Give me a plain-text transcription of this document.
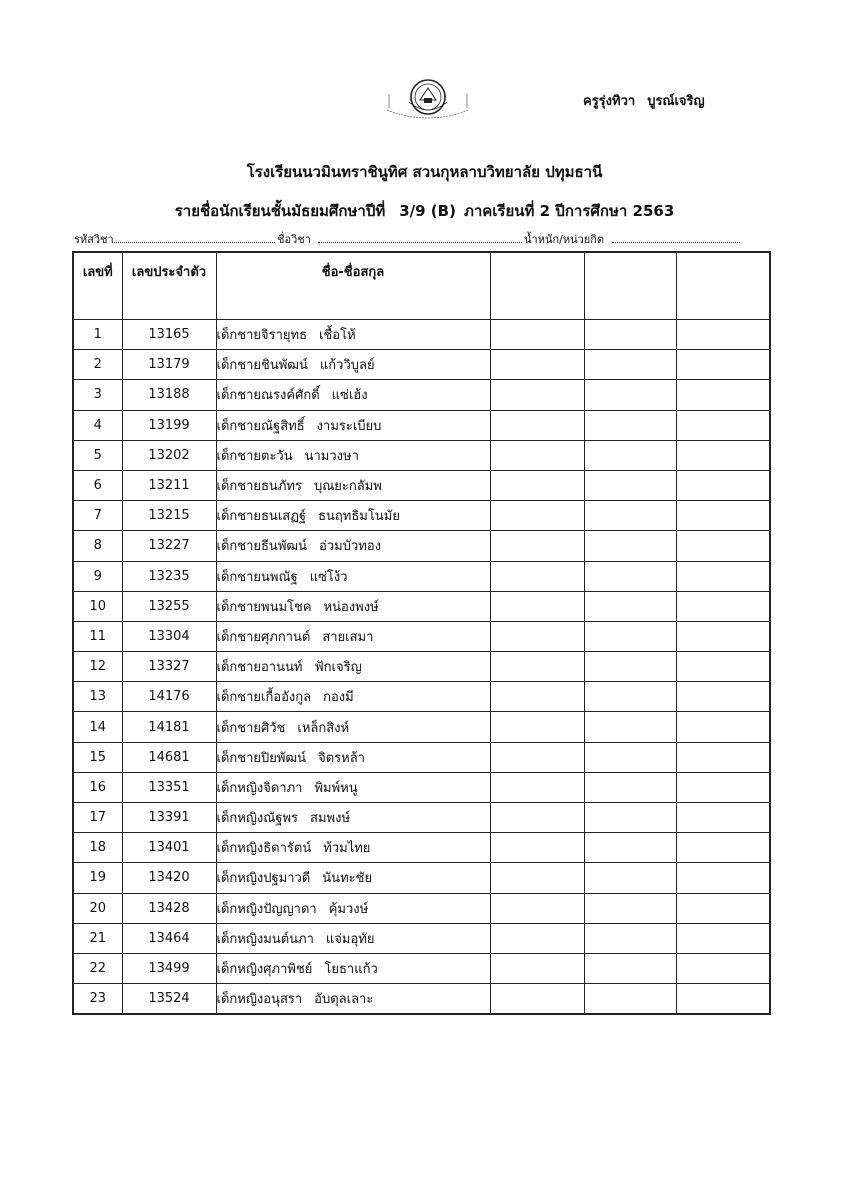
ครูรุ่งทิวา บูรณ์เจริญ
โรงเรียนนวมินทราชินูทิศ สวนกุหลาบวิทยาลัย ปทุมธานี
รายชื่อนักเรียนชั้นมัธยมศึกษาปีที่ 3/9 (B) ภาคเรียนที่ 2 ปีการศึกษา 2563
รหัสวิชา	ชื่อวิชา	น้ำหนัก/หน่วยกิต
เลขที่	เลขประจำตัว	ชื่อ-ชื่อสกุล			
1	13165	เด็กชายจิรายุทธ เชื้อโห้			
2	13179	เด็กชายชินพัฒน์ แก้ววิบูลย์			
3	13188	เด็กชายณรงค์ศักดิ์ แซ่เฮ้ง			
4	13199	เด็กชายณัฐสิทธิ์ งามระเบียบ			
5	13202	เด็กชายตะวัน นามวงษา			
6	13211	เด็กชายธนภัทร บุณยะกลัมพ			
7	13215	เด็กชายธนเสฏฐ์ ธนฤทธิมโนมัย			
8	13227	เด็กชายธีนพัฒน์ อ่วมบัวทอง			
9	13235	เด็กชายนพณัฐ แซ่โง้ว			
10	13255	เด็กชายพนมโชค หน่องพงษ์			
11	13304	เด็กชายศุภกานต์ สายเสมา			
12	13327	เด็กชายอานนท์ ฟักเจริญ			
13	14176	เด็กชายเกื้ออังกูล กองมี			
14	14181	เด็กชายศิวัช เหล็กสิงห์			
15	14681	เด็กชายปิยพัฒน์ จิตรหล้า			
16	13351	เด็กหญิงจิดาภา พิมพ์หนู			
17	13391	เด็กหญิงณัฐพร สมพงษ์			
18	13401	เด็กหญิงธิดารัตน์ ท้วมไทย			
19	13420	เด็กหญิงปฐมาวดี นันทะชัย			
20	13428	เด็กหญิงปัญญาดา คุ้มวงษ์			
21	13464	เด็กหญิงมนต์นภา แจ่มอุทัย			
22	13499	เด็กหญิงศุภาพิชย์ โยธาแก้ว			
23	13524	เด็กหญิงอนุสรา อับดุลเลาะ			
